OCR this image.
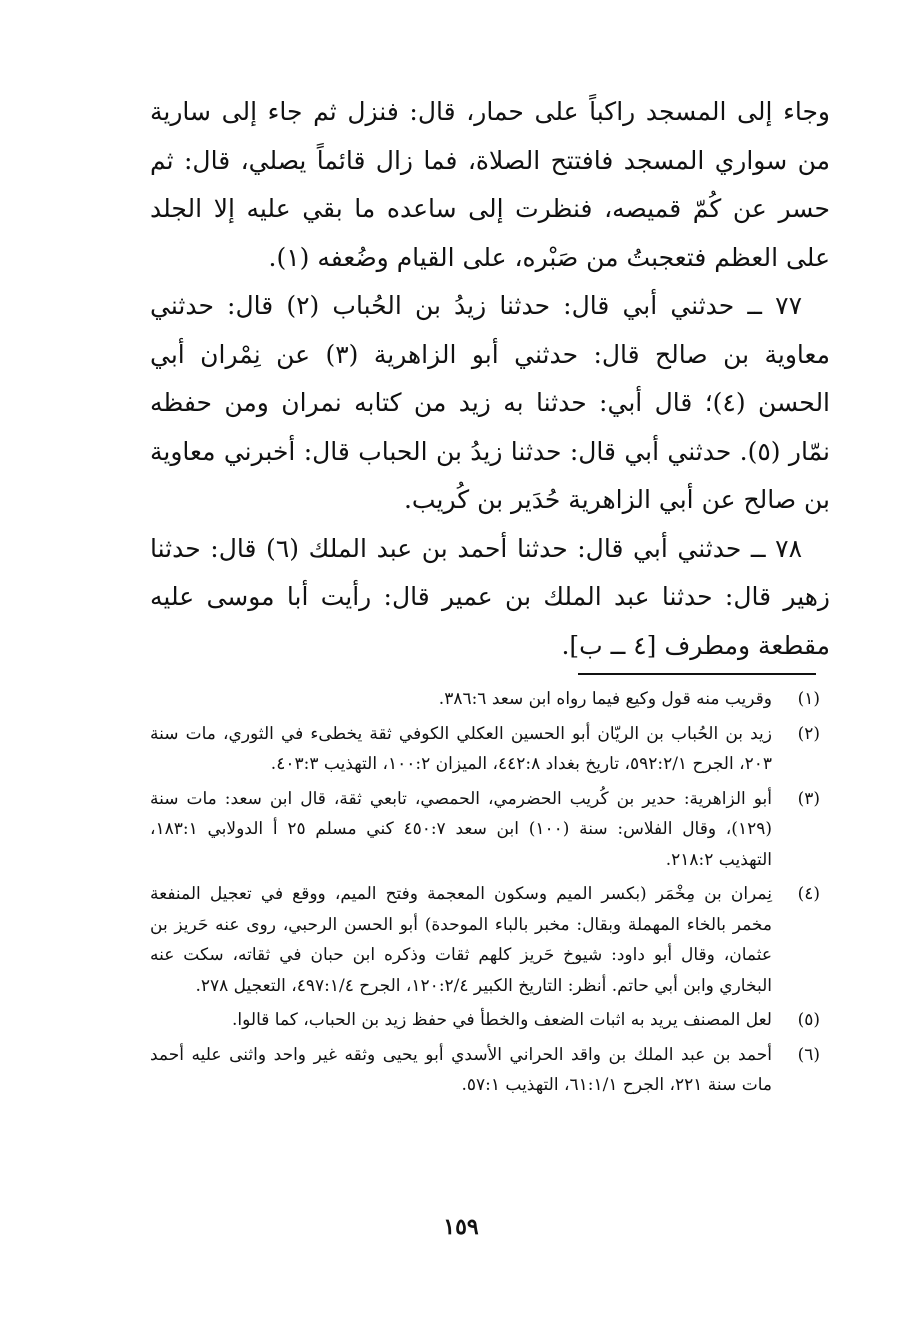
وجاء إلى المسجد راكباً على حمار، قال: فنزل ثم جاء إلى سارية من سواري المسجد فافتتح الصلاة، فما زال قائماً يصلي، قال: ثم حسر عن كُمّ قميصه، فنظرت إلى ساعده ما بقي عليه إلا الجلد على العظم فتعجبتُ من صَبْره، على القيام وضُعفه (١).

٧٧ ــ حدثني أبي قال: حدثنا زيدُ بن الحُباب (٢) قال: حدثني معاوية بن صالح قال: حدثني أبو الزاهرية (٣) عن نِمْران أبي الحسن (٤)؛ قال أبي: حدثنا به زيد من كتابه نمران ومن حفظه نمّار (٥). حدثني أبي قال: حدثنا زيدُ بن الحباب قال: أخبرني معاوية بن صالح عن أبي الزاهرية حُدَير بن كُريب.

٧٨ ــ حدثني أبي قال: حدثنا أحمد بن عبد الملك (٦) قال: حدثنا زهير قال: حدثنا عبد الملك بن عمير قال: رأيت أبا موسى عليه مقطعة ومطرف [٤ ــ ب].

(١)
وقريب منه قول وكيع فيما رواه ابن سعد ٣٨٦:٦.
(٢)
زيد بن الحُباب بن الريّان أبو الحسين العكلي الكوفي ثقة يخطىء في الثوري، مات سنة ٢٠٣، الجرح ٥٩٢:٢/١، تاريخ بغداد ٤٤٢:٨، الميزان ١٠٠:٢، التهذيب ٤٠٣:٣.
(٣)
أبو الزاهرية: حدير بن كُريب الحضرمي، الحمصي، تابعي ثقة، قال ابن سعد: مات سنة (١٢٩)، وقال الفلاس: سنة (١٠٠) ابن سعد ٤٥٠:٧ كني مسلم ٢٥ أ الدولابي ١٨٣:١، التهذيب ٢١٨:٢.
(٤)
نِمران بن مِخْمَر (بكسر الميم وسكون المعجمة وفتح الميم، ووقع في تعجيل المنفعة مخمر بالخاء المهملة وبقال: مخبر بالباء الموحدة) أبو الحسن الرحبي، روى عنه حَريز بن عثمان، وقال أبو داود: شيوخ حَريز كلهم ثقات وذكره ابن حبان في ثقاته، سكت عنه البخاري وابن أبي حاتم. أنظر: التاريخ الكبير ١٢٠:٢/٤، الجرح ٤٩٧:١/٤، التعجيل ٢٧٨.
(٥)
لعل المصنف يريد به اثبات الضعف والخطأ في حفظ زيد بن الحباب، كما قالوا.
(٦)
أحمد بن عبد الملك بن واقد الحراني الأسدي أبو يحيى وثقه غير واحد واثنى عليه أحمد مات سنة ٢٢١، الجرح ٦١:١/١، التهذيب ٥٧:١.
١٥٩
